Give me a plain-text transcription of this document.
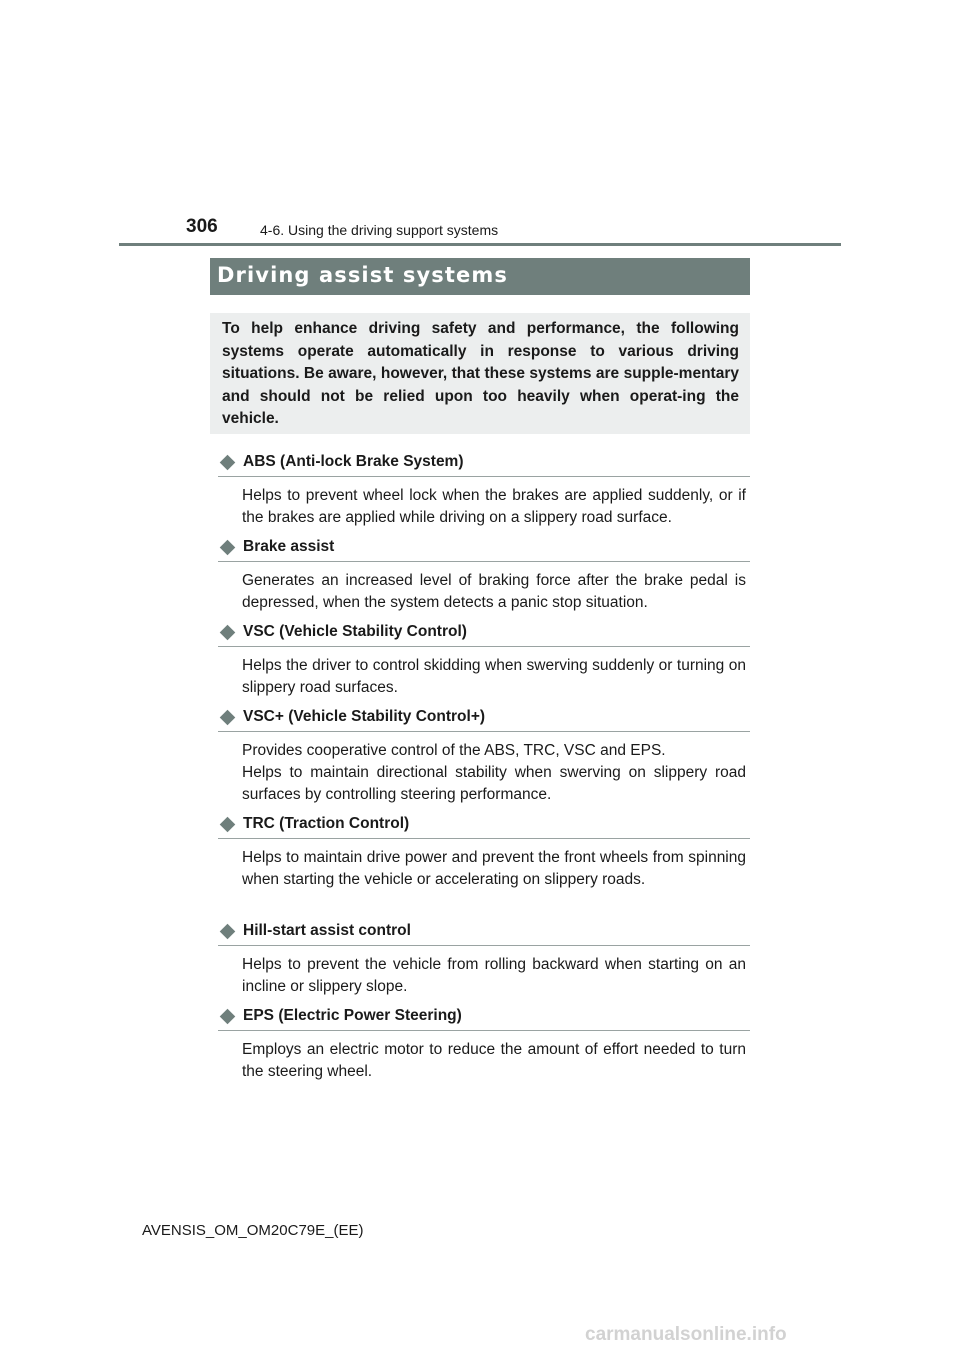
306	4-6. Using the driving support systems
Driving assist systems

To help enhance driving safety and performance, the following systems operate automatically in response to various driving situations. Be aware, however, that these systems are supple-mentary and should not be relied upon too heavily when operat-ing the vehicle.

ABS (Anti-lock Brake System)

Helps to prevent wheel lock when the brakes are applied suddenly, or if the brakes are applied while driving on a slippery road surface.

Brake assist

Generates an increased level of braking force after the brake pedal is depressed, when the system detects a panic stop situation.

VSC (Vehicle Stability Control)

Helps the driver to control skidding when swerving suddenly or turning on slippery road surfaces.

VSC+ (Vehicle Stability Control+)

Provides cooperative control of the ABS, TRC, VSC and EPS.

Helps to maintain directional stability when swerving on slippery road surfaces by controlling steering performance.

TRC (Traction Control)

Helps to maintain drive power and prevent the front wheels from spinning when starting the vehicle or accelerating on slippery roads.

Hill-start assist control

Helps to prevent the vehicle from rolling backward when starting on an incline or slippery slope.

EPS (Electric Power Steering)

Employs an electric motor to reduce the amount of effort needed to turn the steering wheel.

AVENSIS_OM_OM20C79E_(EE)
carmanualsonline.info
